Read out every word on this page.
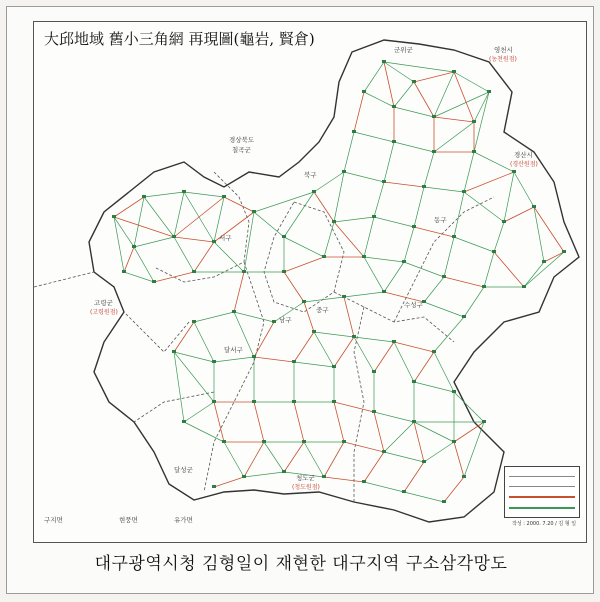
군위군	영천시
(농천원점)
경상북도
칠곡군
북구
동구
서구
중구
수성구
남구
달서구
고령군
(고령원점)
달성군
청도군
(청도원점)
경산시
(경산원점)
구지면	현풍면	유가면
大邱地域 舊小三角網 再現圖(龜岩, 賢倉)
작성 : 2000. 7.20 / 김 형 일
대구광역시청 김형일이 재현한 대구지역 구소삼각망도
